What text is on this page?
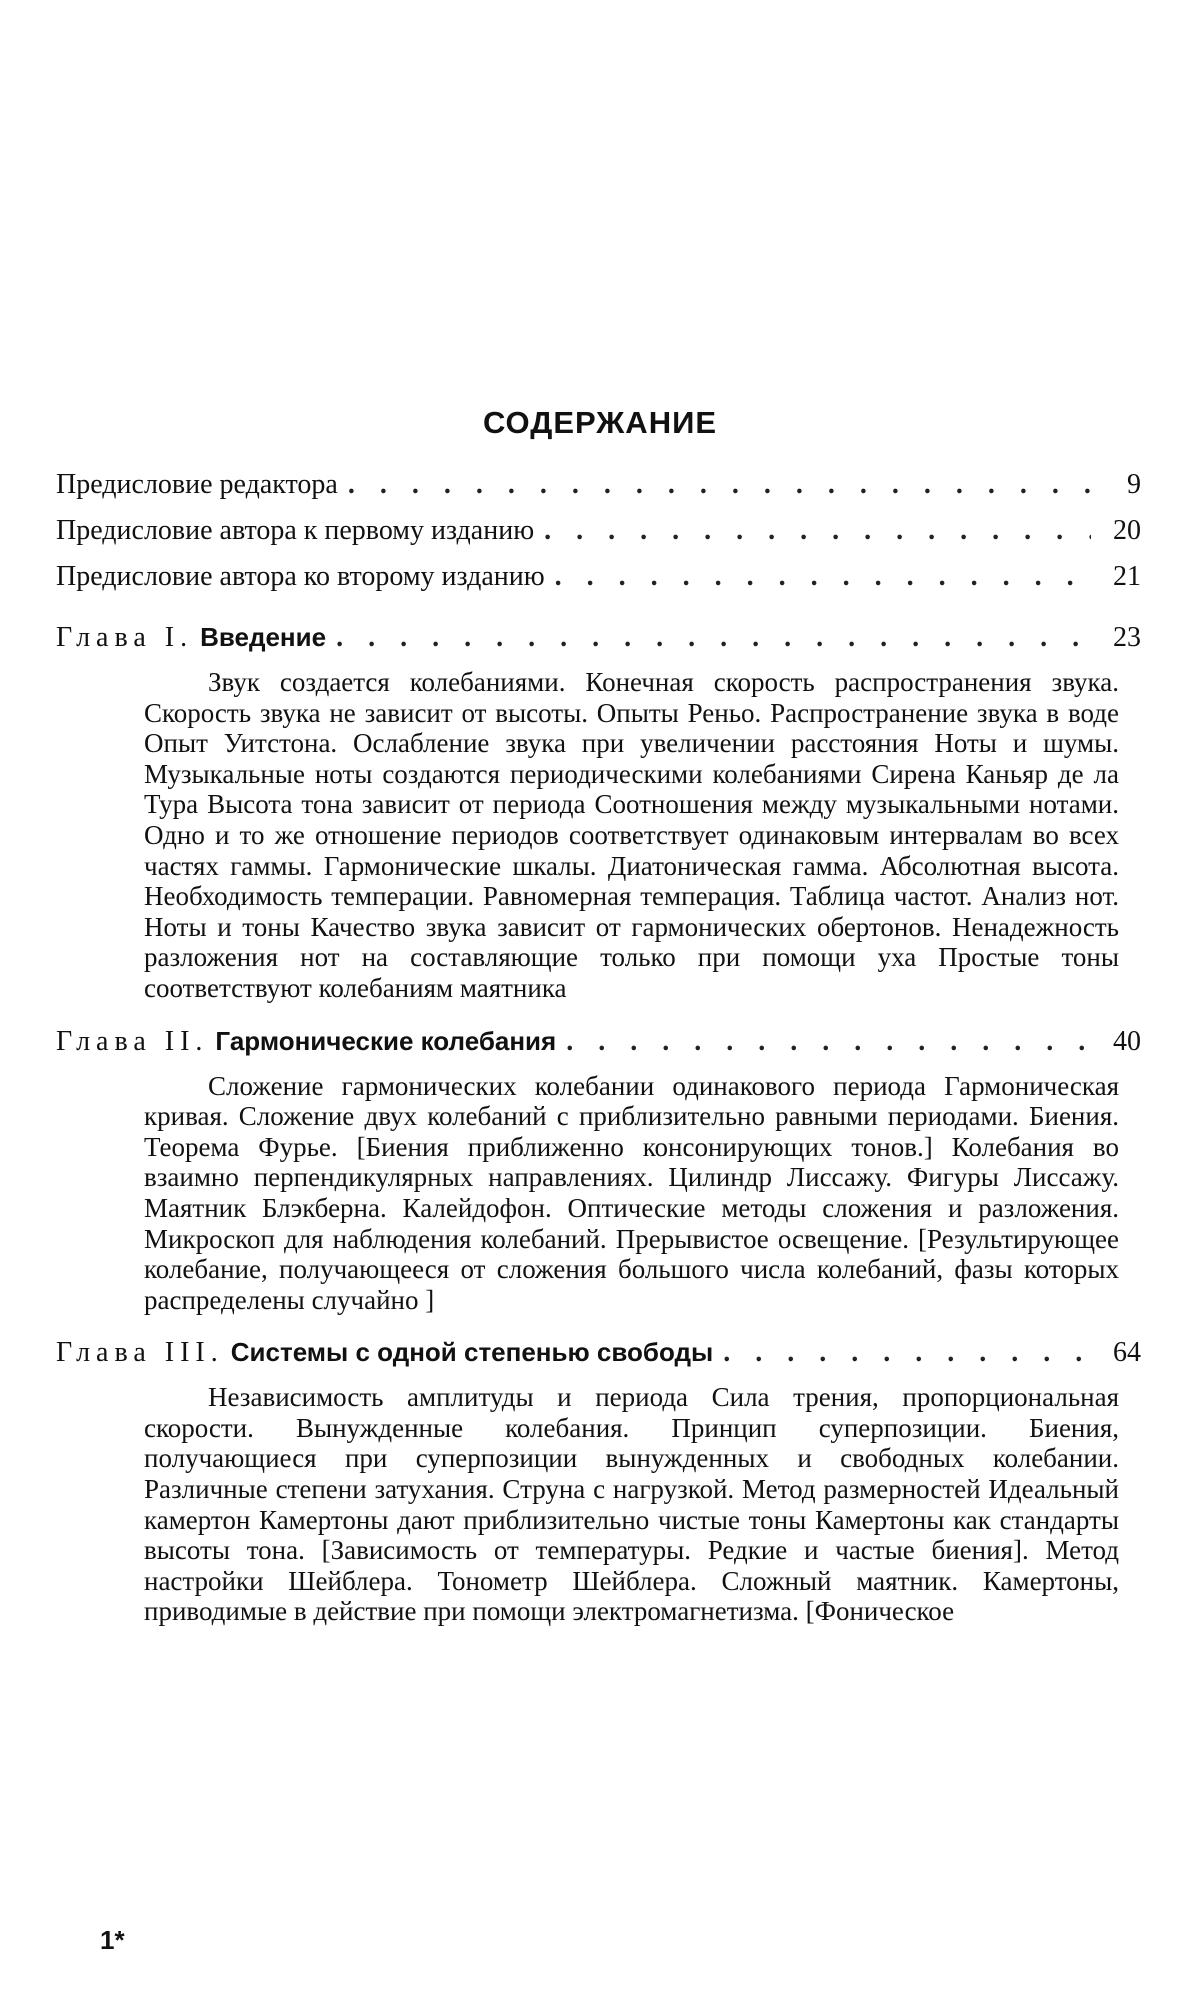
СОДЕРЖАНИЕ
Предисловие редактора . . .	9
Предисловие автора к первому изданию . . .	20
Предисловие автора ко второму изданию . . .	21
Глава I. Введение . . .	23

Звук создается колебаниями. Конечная скорость распространения звука. Скорость звука не зависит от высоты. Опыты Реньо. Распространение звука в воде Опыт Уитстона. Ослабление звука при увеличении расстояния Ноты и шумы. Музыкальные ноты создаются периодическими колебаниями Сирена Каньяр де ла Тура Высота тона зависит от периода Соотношения между музыкальными нотами. Одно и то же отношение периодов соответствует одинаковым интервалам во всех частях гаммы. Гармонические шкалы. Диатоническая гамма. Абсолютная высота. Необходимость темперации. Равномерная темперация. Таблица частот. Анализ нот. Ноты и тоны Качество звука зависит от гармонических обертонов. Ненадежность разложения нот на составляющие только при помощи уха Простые тоны соответствуют колебаниям маятника

Глава II. Гармонические колебания . . .	40

Сложение гармонических колебании одинакового периода Гармоническая кривая. Сложение двух колебаний с приблизительно равными периодами. Биения. Теорема Фурье. [Биения приближенно консонирующих тонов.] Колебания во взаимно перпендикулярных направлениях. Цилиндр Лиссажу. Фигуры Лиссажу. Маятник Блэкберна. Калейдофон. Оптические методы сложения и разложения. Микроскоп для наблюдения колебаний. Прерывистое освещение. [Результирующее колебание, получающееся от сложения большого числа колебаний, фазы которых распределены случайно ]

Глава III. Системы с одной степенью свободы . . .	64

Независимость амплитуды и периода Сила трения, пропорциональная скорости. Вынужденные колебания. Принцип суперпозиции. Биения, получающиеся при суперпозиции вынужденных и свободных колебании. Различные степени затухания. Струна с нагрузкой. Метод размерностей Идеальный камертон Камертоны дают приблизительно чистые тоны Камертоны как стандарты высоты тона. [Зависимость от температуры. Редкие и частые биения]. Метод настройки Шейблера. Тонометр Шейблера. Сложный маятник. Камертоны, приводимые в действие при помощи электромагнетизма. [Фоническое

1*
